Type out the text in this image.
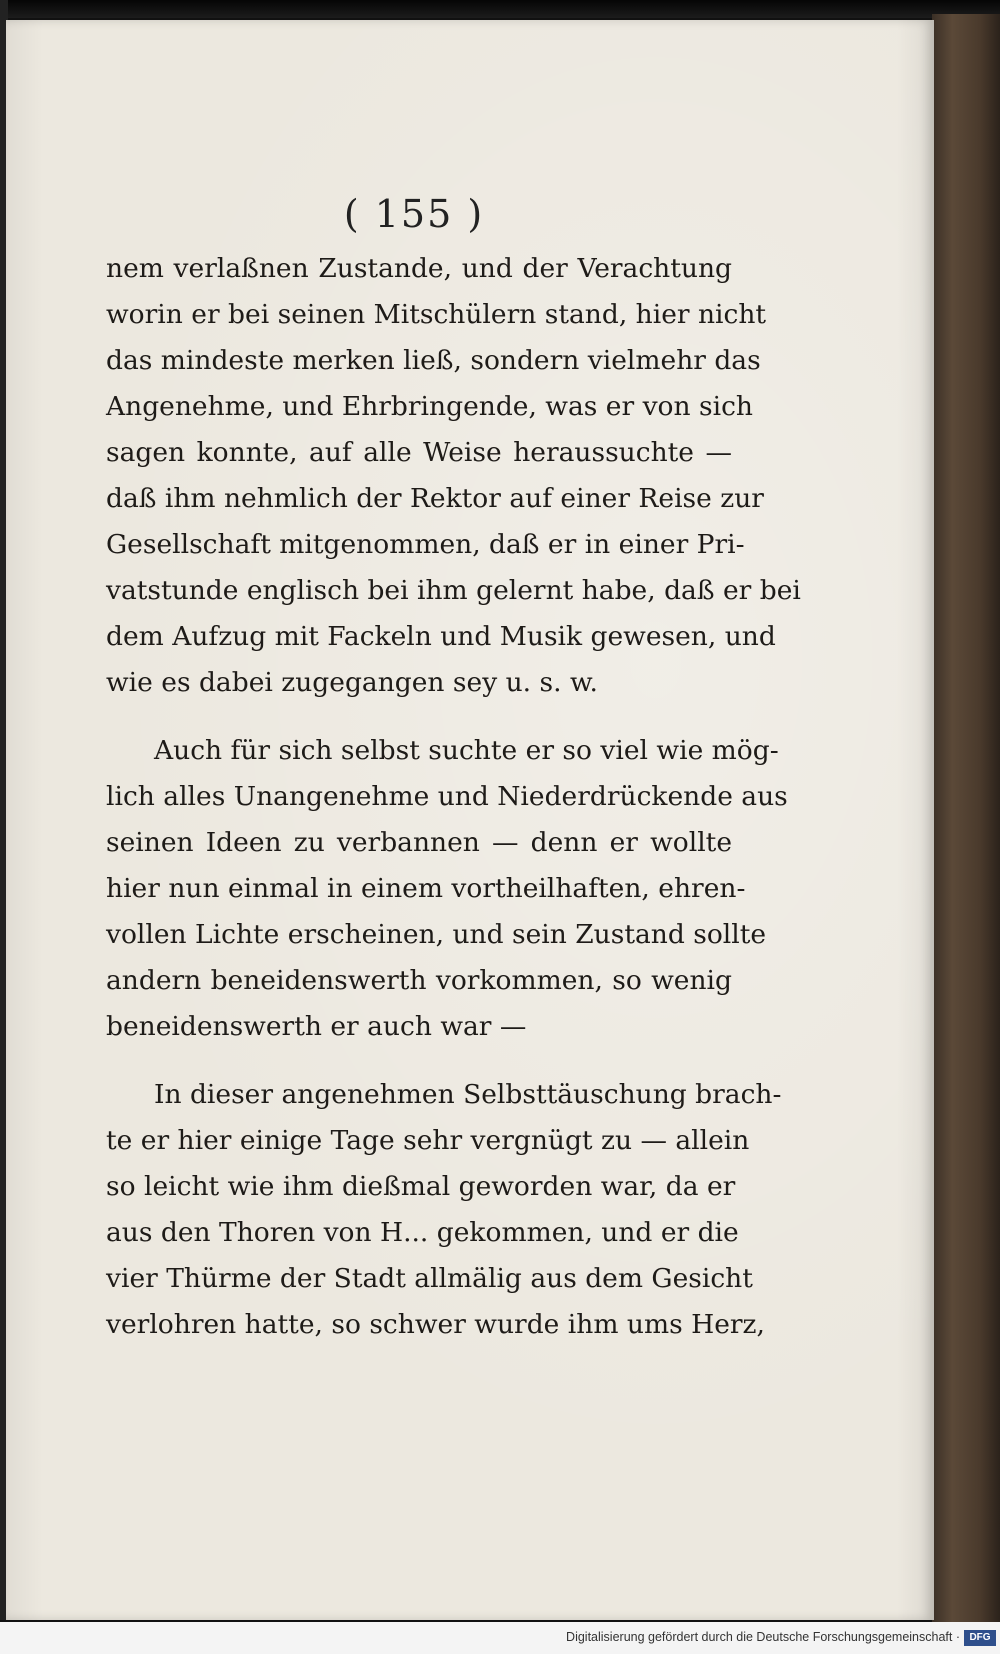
( 155 )
nem verlaßnen Zustande, und der Verachtung
worin er bei seinen Mitschülern stand, hier nicht
das mindeste merken ließ, sondern vielmehr das
Angenehme, und Ehrbringende, was er von sich
sagen konnte, auf alle Weise heraussuchte —
daß ihm nehmlich der Rektor auf einer Reise zur
Gesellschaft mitgenommen, daß er in einer Pri-
vatstunde englisch bei ihm gelernt habe, daß er bei
dem Aufzug mit Fackeln und Musik gewesen, und
wie es dabei zugegangen sey u. s. w.
Auch für sich selbst suchte er so viel wie mög-
lich alles Unangenehme und Niederdrückende aus
seinen Ideen zu verbannen — denn er wollte
hier nun einmal in einem vortheilhaften, ehren-
vollen Lichte erscheinen, und sein Zustand sollte
andern beneidenswerth vorkommen, so wenig
beneidenswerth er auch war —
In dieser angenehmen Selbsttäuschung brach-
te er hier einige Tage sehr vergnügt zu — allein
so leicht wie ihm dießmal geworden war, da er
aus den Thoren von H... gekommen, und er die
vier Thürme der Stadt allmälig aus dem Gesicht
verlohren hatte, so schwer wurde ihm ums Herz,
Digitalisierung gefördert durch die Deutsche Forschungsgemeinschaft · DFG
